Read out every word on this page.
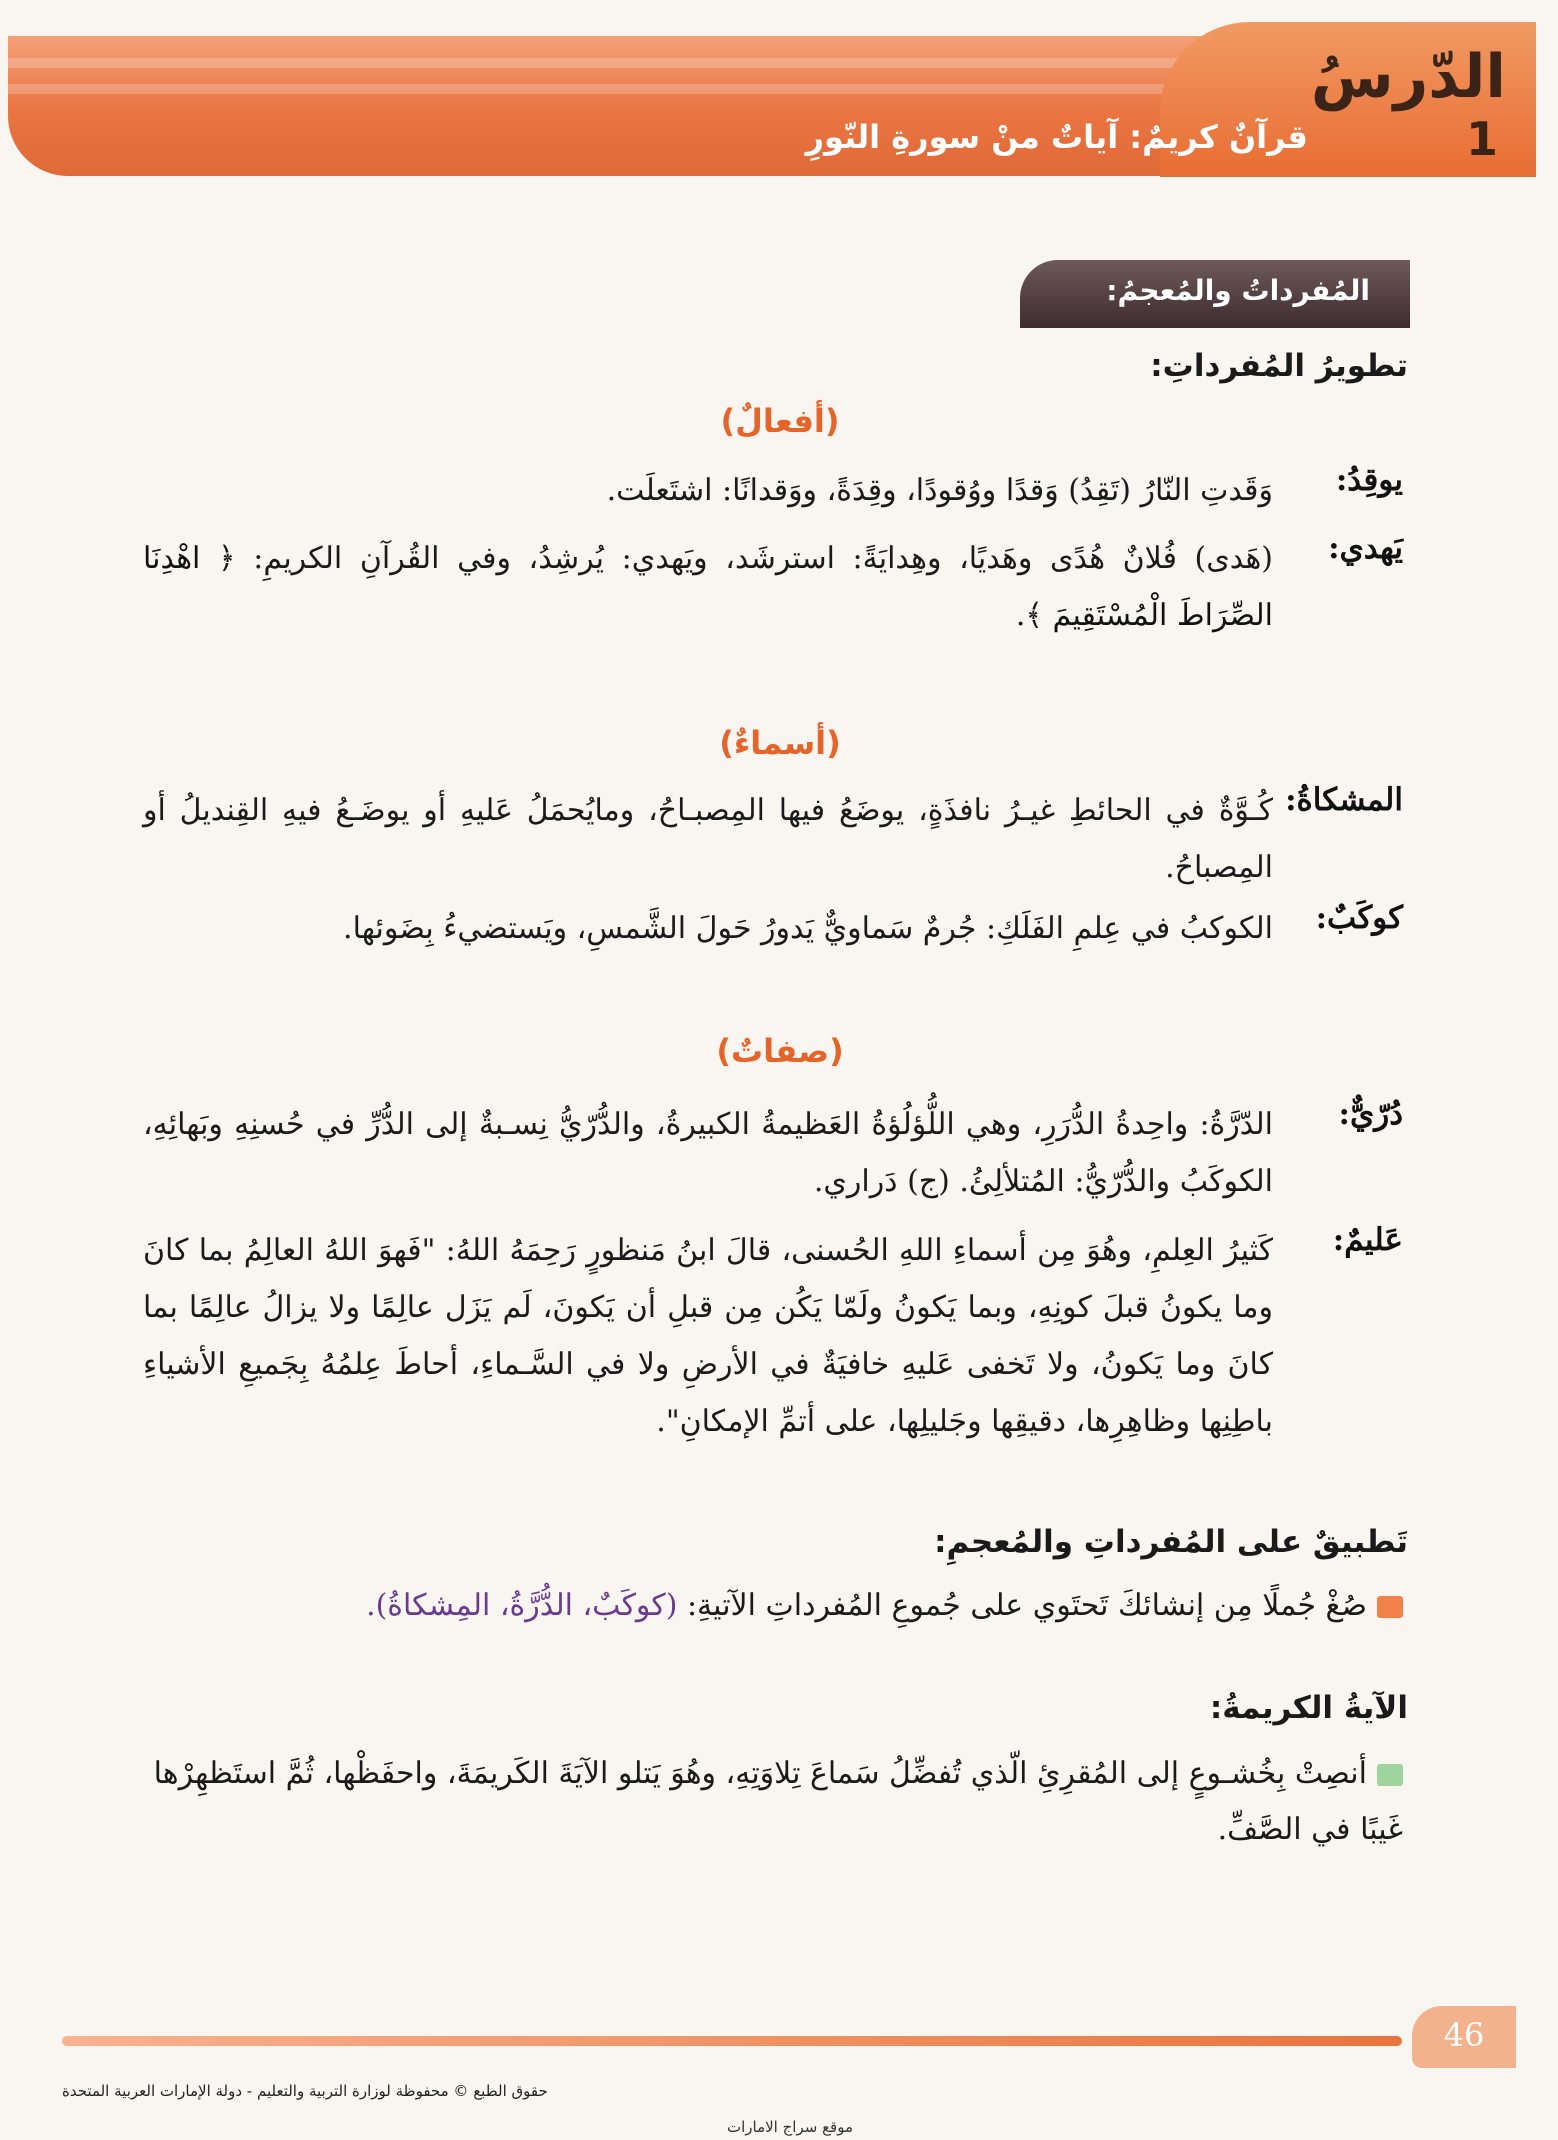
الدّرسُ
1
قرآنٌ كريمٌ: آياتٌ منْ سورةِ النّورِ
المُفرداتُ والمُعجمُ:
تطويرُ المُفرداتِ:
(أفعالٌ)
يوقِدُ:
وَقَدتِ النّارُ (تَقِدُ) وَقدًا ووُقودًا، وقِدَةً، ووَقدانًا: اشتَعلَت.
يَهدي:
(هَدى) فُلانٌ هُدًى وهَديًا، وهِدايَةً: استرشَد، ويَهدي: يُرشِدُ، وفي القُرآنِ الكريمِ: ﴿ اهْدِنَا الصِّرَاطَ الْمُسْتَقِيمَ ﴾.
(أسماءٌ)
المشكاةُ:
كُـوَّةٌ في الحائطِ غيـرُ نافذَةٍ، يوضَعُ فيها المِصبـاحُ، ومايُحمَلُ عَليهِ أو يوضَـعُ فيهِ القِنديلُ أو المِصباحُ.
كوكَبٌ:
الكوكبُ في عِلمِ الفَلَكِ: جُرمٌ سَماويٌّ يَدورُ حَولَ الشَّمسِ، ويَستضيءُ بِضَوئها.
(صفاتٌ)
دُرّيٌّ:
الدّرَّةُ: واحِدةُ الدُّرَرِ، وهي اللُّؤلُؤةُ العَظيمةُ الكبيرةُ، والدُّرّيُّ نِسـبةٌ إلى الدُّرِّ في حُسنِهِ وبَهائِهِ، الكوكَبُ والدُّرّيُّ: المُتلألِئُ. (ج) دَراري.
عَليمٌ:
كَثيرُ العِلمِ، وهُوَ مِن أسماءِ اللهِ الحُسنى، قالَ ابنُ مَنظورٍ رَحِمَهُ اللهُ: "فَهوَ اللهُ العالِمُ بما كانَ وما يكونُ قبلَ كونِهِ، وبما يَكونُ ولَمّا يَكُن مِن قبلِ أن يَكونَ، لَم يَزَل عالِمًا ولا يزالُ عالِمًا بما كانَ وما يَكونُ، ولا تَخفى عَليهِ خافيَةٌ في الأرضِ ولا في السَّـماءِ، أحاطَ عِلمُهُ بِجَميعِ الأشياءِ باطِنِها وظاهِرِها، دقيقِها وجَليلِها، على أتمِّ الإمكانِ".
تَطبيقٌ على المُفرداتِ والمُعجمِ:
صُغْ جُملًا مِن إنشائكَ تَحتَوي على جُموعِ المُفرداتِ الآتيةِ: (كوكَبٌ، الدُّرَّةُ، المِشكاةُ).
الآيةُ الكريمةُ:
أنصِتْ بِخُشـوعٍ إلى المُقرِئِ الّذي تُفضِّلُ سَماعَ تِلاوَتِهِ، وهُوَ يَتلو الآيَةَ الكَريمَةَ، واحفَظْها، ثُمَّ استَظهِرْها غَيبًا في الصَّفِّ.
46
حقوق الطبع © محفوظة لوزارة التربية والتعليم - دولة الإمارات العربية المتحدة
موقع سراج الامارات
